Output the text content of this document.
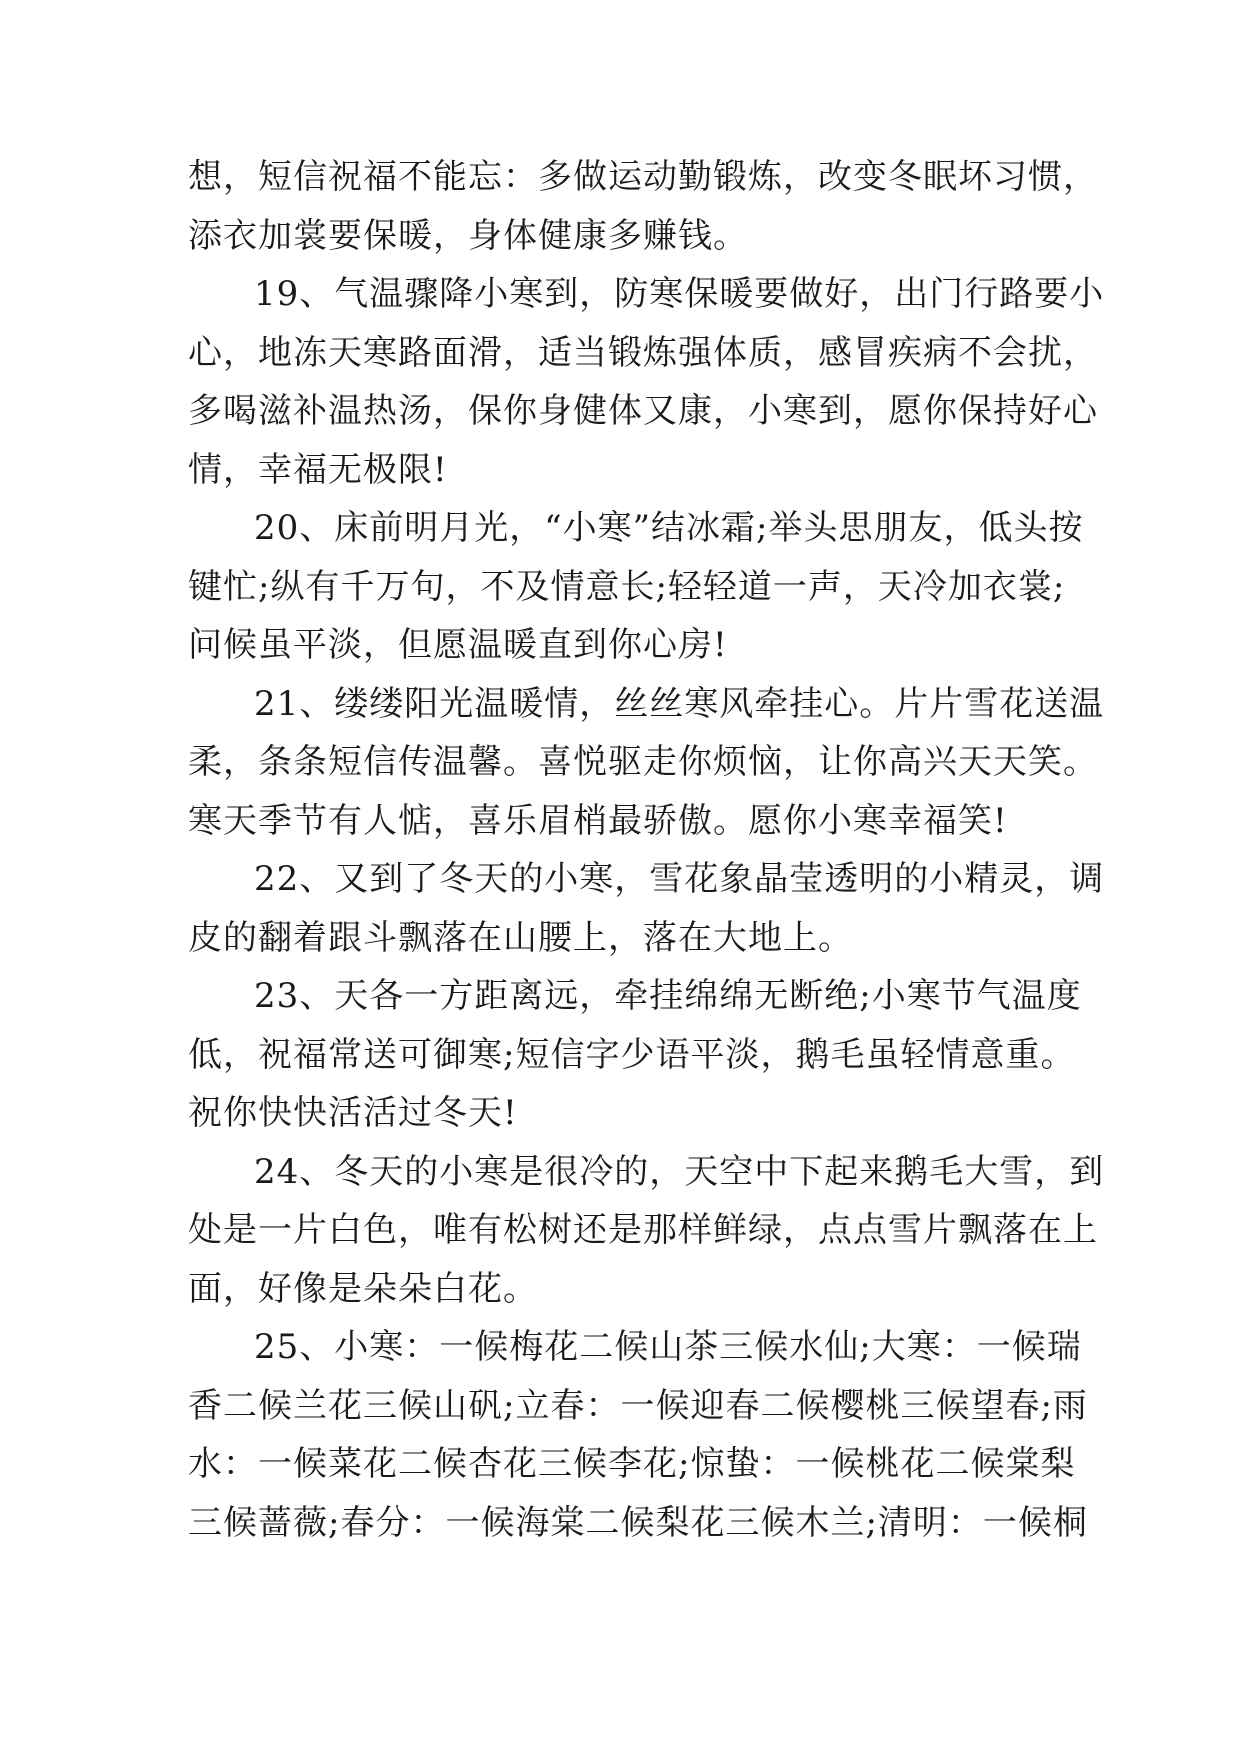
想，短信祝福不能忘：多做运动勤锻炼，改变冬眠坏习惯，
添衣加裳要保暖，身体健康多赚钱。
19、气温骤降小寒到，防寒保暖要做好，出门行路要小
心，地冻天寒路面滑，适当锻炼强体质，感冒疾病不会扰，
多喝滋补温热汤，保你身健体又康，小寒到，愿你保持好心
情，幸福无极限!
20、床前明月光，“小寒”结冰霜;举头思朋友，低头按
键忙;纵有千万句，不及情意长;轻轻道一声，天冷加衣裳;
问候虽平淡，但愿温暖直到你心房!
21、缕缕阳光温暖情，丝丝寒风牵挂心。片片雪花送温
柔，条条短信传温馨。喜悦驱走你烦恼，让你高兴天天笑。
寒天季节有人惦，喜乐眉梢最骄傲。愿你小寒幸福笑!
22、又到了冬天的小寒，雪花象晶莹透明的小精灵，调
皮的翻着跟斗飘落在山腰上，落在大地上。
23、天各一方距离远，牵挂绵绵无断绝;小寒节气温度
低，祝福常送可御寒;短信字少语平淡，鹅毛虽轻情意重。
祝你快快活活过冬天!
24、冬天的小寒是很冷的，天空中下起来鹅毛大雪，到
处是一片白色，唯有松树还是那样鲜绿，点点雪片飘落在上
面，好像是朵朵白花。
25、小寒：一候梅花二候山茶三候水仙;大寒：一候瑞
香二候兰花三候山矾;立春：一候迎春二候樱桃三候望春;雨
水：一候菜花二候杏花三候李花;惊蛰：一候桃花二候棠梨
三候蔷薇;春分：一候海棠二候梨花三候木兰;清明：一候桐
